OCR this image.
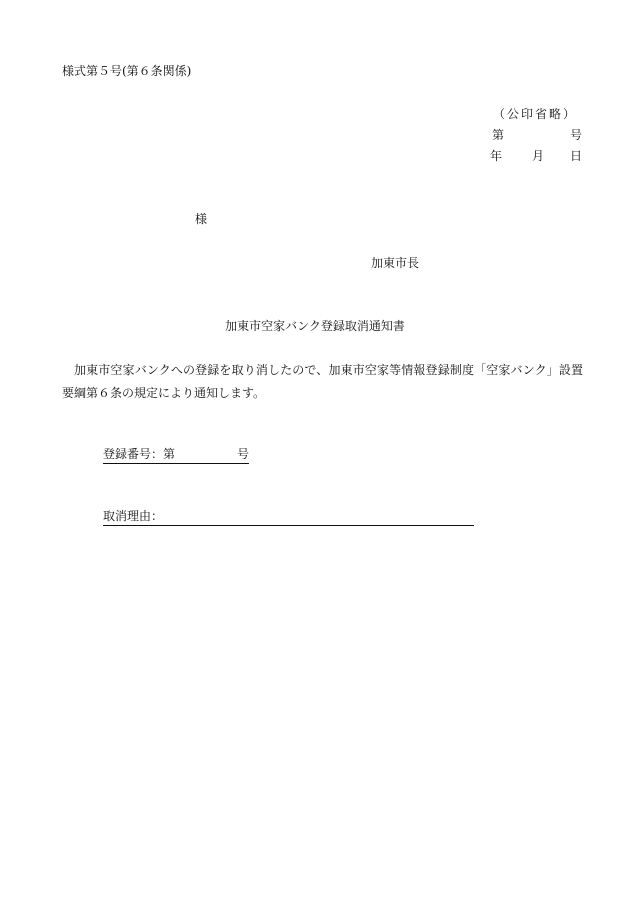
様式第５号(第６条関係)
（公印省略）
第	号
年 月 日
様
加東市長
加東市空家バンク登録取消通知書

加東市空家バンクへの登録を取り消したので、加東市空家等情報登録制度「空家バンク」設置要綱第６条の規定により通知します。

登録番号：第	号
取消理由：
